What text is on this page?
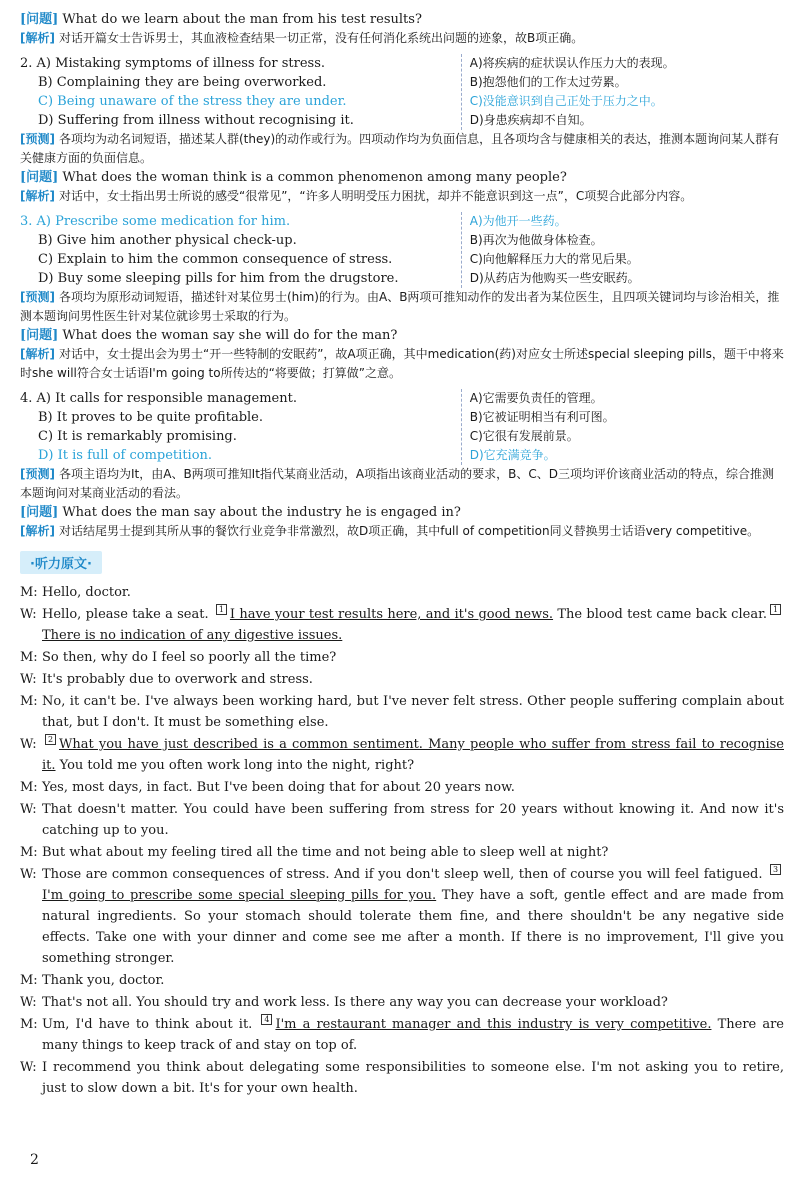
[问题] What do we learn about the man from his test results?

[解析] 对话开篇女士告诉男士，其血液检查结果一切正常，没有任何消化系统出问题的迹象，故B项正确。

2. A) Mistaking symptoms of illness for stress.
B) Complaining they are being overworked.
C) Being unaware of the stress they are under.
D) Suffering from illness without recognising it.
A)将疾病的症状误认作压力大的表现。
B)抱怨他们的工作太过劳累。
C)没能意识到自己正处于压力之中。
D)身患疾病却不自知。

[预测] 各项均为动名词短语，描述某人群(they)的动作或行为。四项动作均为负面信息，且各项均含与健康相关的表达，推测本题询问某人群有关健康方面的负面信息。

[问题] What does the woman think is a common phenomenon among many people?

[解析] 对话中，女士指出男士所说的感受“很常见”，“许多人明明受压力困扰，却并不能意识到这一点”，C项契合此部分内容。

3. A) Prescribe some medication for him.
B) Give him another physical check-up.
C) Explain to him the common consequence of stress.
D) Buy some sleeping pills for him from the drugstore.
A)为他开一些药。
B)再次为他做身体检查。
C)向他解释压力大的常见后果。
D)从药店为他购买一些安眠药。

[预测] 各项均为原形动词短语，描述针对某位男士(him)的行为。由A、B两项可推知动作的发出者为某位医生，且四项关键词均与诊治相关，推测本题询问男性医生针对某位就诊男士采取的行为。

[问题] What does the woman say she will do for the man?

[解析] 对话中，女士提出会为男士“开一些特制的安眠药”，故A项正确，其中medication(药)对应女士所述special sleeping pills，题干中将来时she will符合女士话语I'm going to所传达的“将要做；打算做”之意。

4. A) It calls for responsible management.
B) It proves to be quite profitable.
C) It is remarkably promising.
D) It is full of competition.
A)它需要负责任的管理。
B)它被证明相当有利可图。
C)它很有发展前景。
D)它充满竞争。

[预测] 各项主语均为It，由A、B两项可推知It指代某商业活动，A项指出该商业活动的要求，B、C、D三项均评价该商业活动的特点，综合推测本题询问对某商业活动的看法。

[问题] What does the man say about the industry he is engaged in?

[解析] 对话结尾男士提到其所从事的餐饮行业竞争非常激烈，故D项正确，其中full of competition同义替换男士话语very competitive。

·听力原文·
M: Hello, doctor.
W: Hello, please take a seat. 1 I have your test results here, and it's good news. The blood test came back clear. 1There is no indication of any digestive issues.
M: So then, why do I feel so poorly all the time?
W: It's probably due to overwork and stress.
M: No, it can't be. I've always been working hard, but I've never felt stress. Other people suffering complain about that, but I don't. It must be something else.
W:	2 What you have just described is a common sentiment. Many people who suffer from stress fail to recognise it. You told me you often work long into the night, right?
M: Yes, most days, in fact. But I've been doing that for about 20 years now.
W: That doesn't matter. You could have been suffering from stress for 20 years without knowing it. And now it's catching up to you.
M: But what about my feeling tired all the time and not being able to sleep well at night?
W: Those are common consequences of stress. And if you don't sleep well, then of course you will feel fatigued. 3I'm going to prescribe some special sleeping pills for you. They have a soft, gentle effect and are made from natural ingredients. So your stomach should tolerate them fine, and there shouldn't be any negative side effects. Take one with your dinner and come see me after a month. If there is no improvement, I'll give you something stronger.
M: Thank you, doctor.
W: That's not all. You should try and work less. Is there any way you can decrease your workload?
M: Um, I'd have to think about it. 4 I'm a restaurant manager and this industry is very competitive. There are many things to keep track of and stay on top of.
W: I recommend you think about delegating some responsibilities to someone else. I'm not asking you to retire, just to slow down a bit. It's for your own health.
2
